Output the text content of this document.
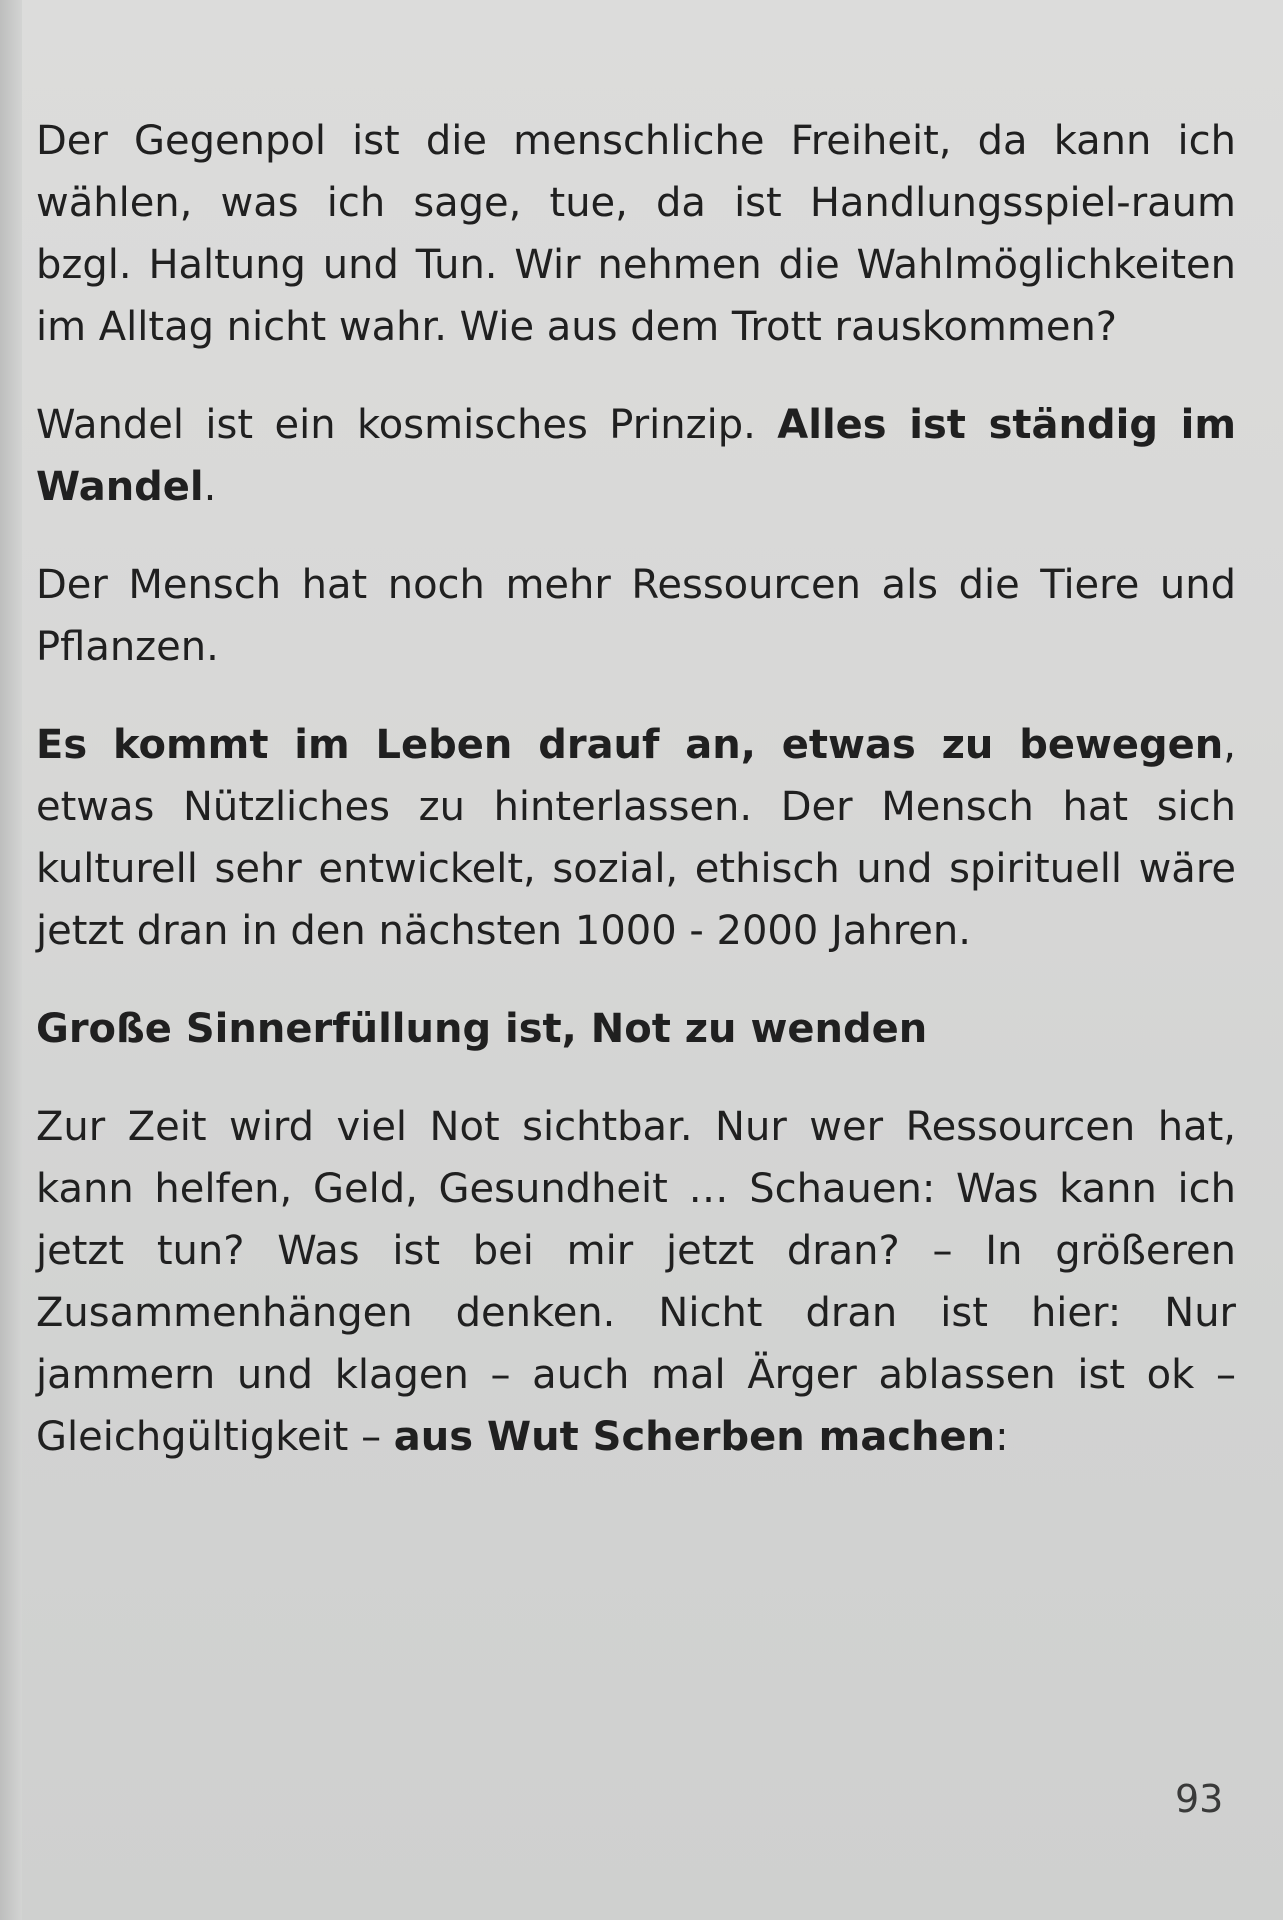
Der Gegenpol ist die menschliche Freiheit, da kann ich wählen, was ich sage, tue, da ist Handlungsspiel-raum bzgl. Haltung und Tun. Wir nehmen die Wahlmöglichkeiten im Alltag nicht wahr. Wie aus dem Trott rauskommen?

Wandel ist ein kosmisches Prinzip. Alles ist ständig im Wandel.

Der Mensch hat noch mehr Ressourcen als die Tiere und Pflanzen.

Es kommt im Leben drauf an, etwas zu bewegen, etwas Nützliches zu hinterlassen. Der Mensch hat sich kulturell sehr entwickelt, sozial, ethisch und spirituell wäre jetzt dran in den nächsten 1000 - 2000 Jahren.

Große Sinnerfüllung ist, Not zu wenden

Zur Zeit wird viel Not sichtbar. Nur wer Ressourcen hat, kann helfen, Geld, Gesundheit … Schauen: Was kann ich jetzt tun? Was ist bei mir jetzt dran? – In größeren Zusammenhängen denken. Nicht dran ist hier: Nur jammern und klagen – auch mal Ärger ablassen ist ok – Gleichgültigkeit – aus Wut Scherben machen:

93
